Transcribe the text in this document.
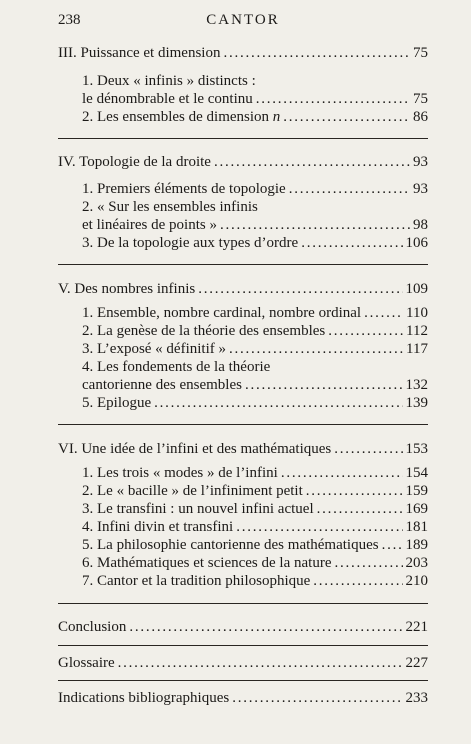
238	CANTOR
III. Puissance et dimension . . .	75
1. Deux « infinis » distincts :
le dénombrable et le continu . . .	75
2. Les ensembles de dimension n . . .	86
IV. Topologie de la droite . . .	93
1. Premiers éléments de topologie . . .	93
2. « Sur les ensembles infinis
et linéaires de points » . . .	98
3. De la topologie aux types d’ordre . . .	106
V. Des nombres infinis . . .	109
1. Ensemble, nombre cardinal, nombre ordinal . . .	110
2. La genèse de la théorie des ensembles . . .	112
3. L’exposé « définitif » . . .	117
4. Les fondements de la théorie
cantorienne des ensembles . . .	132
5. Epilogue . . .	139
VI. Une idée de l’infini et des mathématiques . . .	153
1. Les trois « modes » de l’infini . . .	154
2. Le « bacille » de l’infiniment petit . . .	159
3. Le transfini : un nouvel infini actuel . . .	169
4. Infini divin et transfini . . .	181
5. La philosophie cantorienne des mathématiques . . . 189
6. Mathématiques et sciences de la nature . . .	203
7. Cantor et la tradition philosophique . . .	210
Conclusion . . .	221
Glossaire . . .	227
Indications bibliographiques . . .	233
